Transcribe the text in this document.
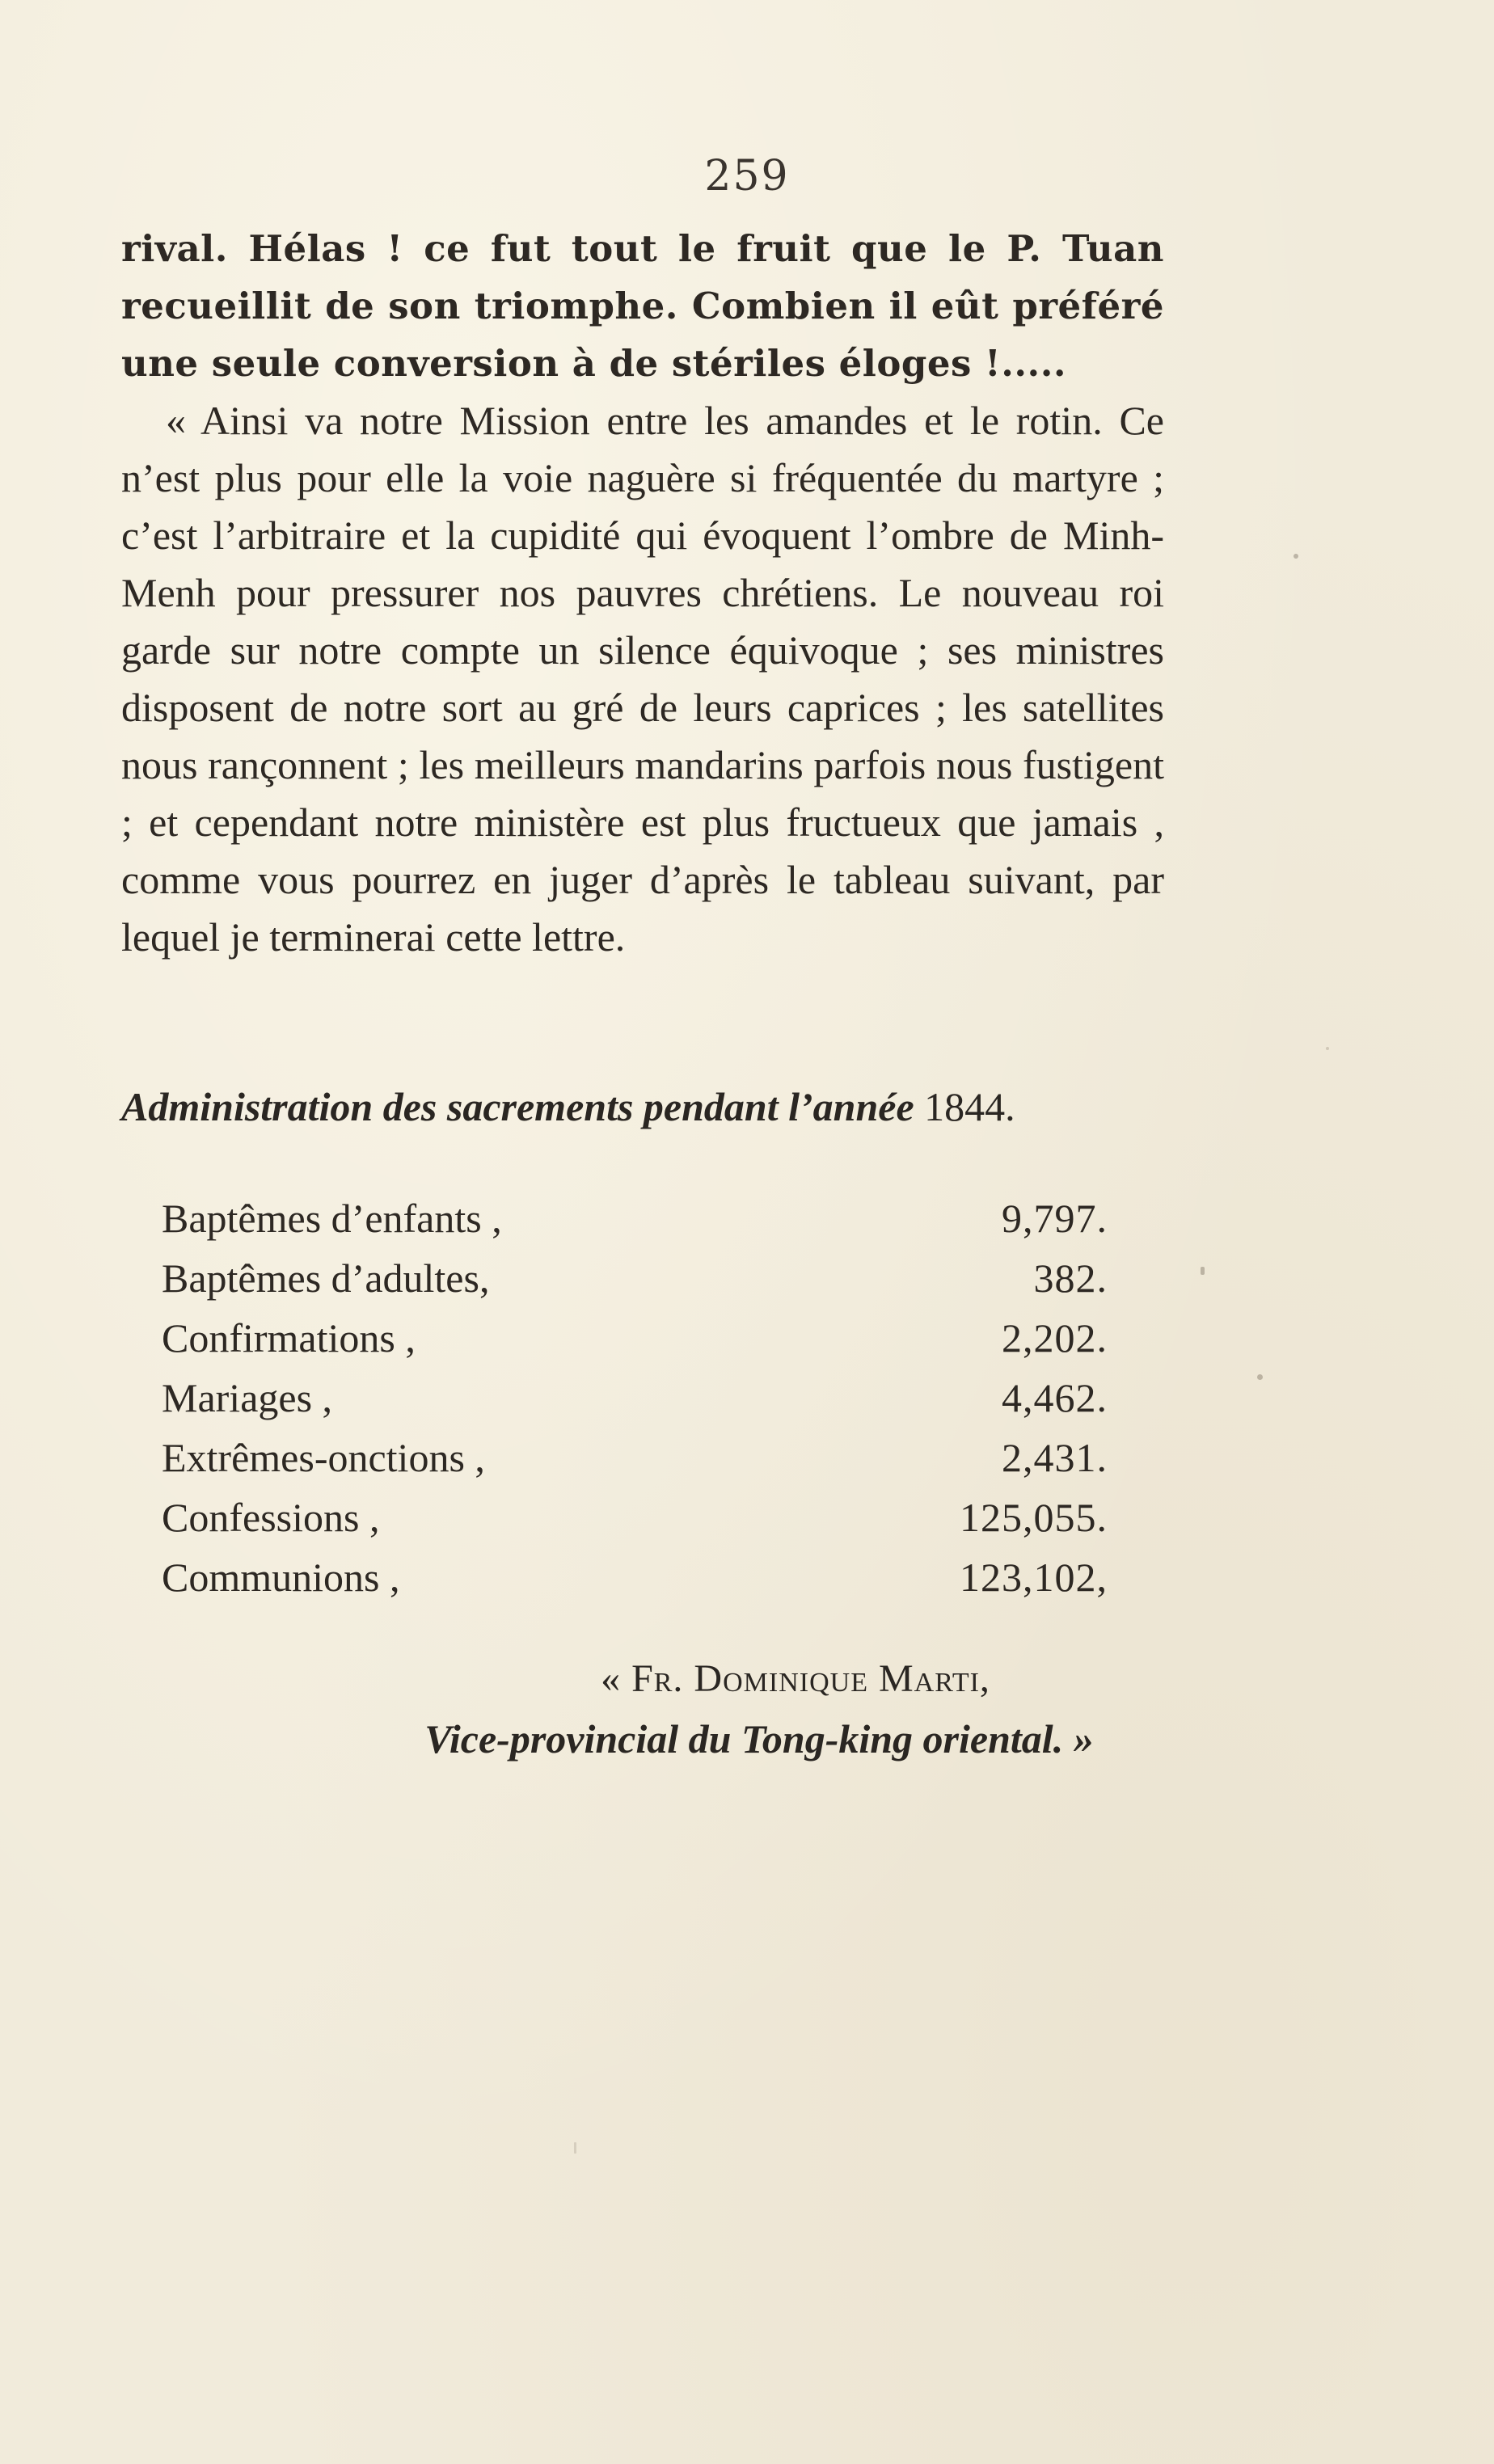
259

rival. Hélas ! ce fut tout le fruit que le P. Tuan recueillit de son triomphe. Combien il eût préféré une seule conversion à de stériles éloges !.....

« Ainsi va notre Mission entre les amandes et le rotin. Ce n’est plus pour elle la voie naguère si fréquentée du martyre ; c’est l’arbitraire et la cupidité qui évoquent l’ombre de Minh-Menh pour pressurer nos pauvres chrétiens. Le nouveau roi garde sur notre compte un silence équivoque ; ses ministres disposent de notre sort au gré de leurs caprices ; les satellites nous rançonnent ; les meilleurs mandarins parfois nous fustigent ; et cependant notre ministère est plus fructueux que jamais , comme vous pourrez en juger d’après le tableau suivant, par lequel je terminerai cette lettre.

Administration des sacrements pendant l’année 1844.
Baptêmes d’enfants ,	9,797.
Baptêmes d’adultes,	382.
Confirmations ,	2,202.
Mariages ,	4,462.
Extrêmes-onctions ,	2,431.
Confessions ,	125,055.
Communions ,	123,102,
« Fr. Dominique Marti,
Vice-provincial du Tong-king oriental. »
